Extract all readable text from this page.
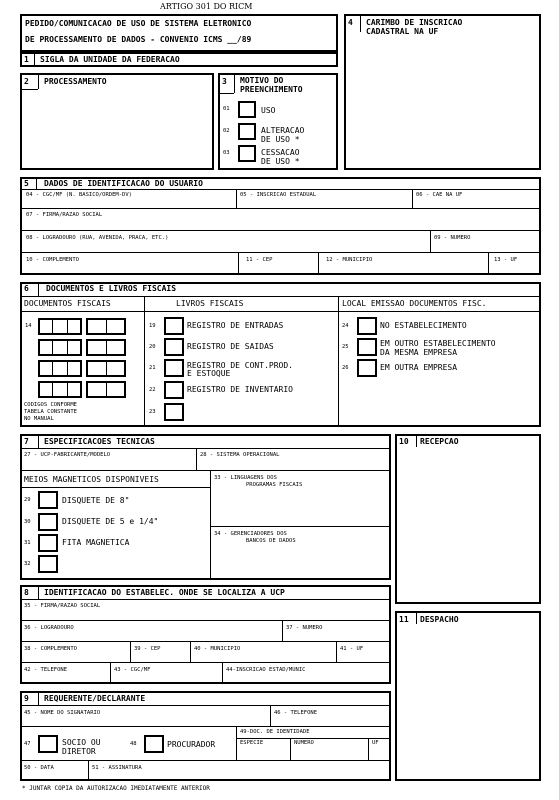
ARTIGO 301 DO RICM
PEDIDO/COMUNICACAO DE USO DE SISTEMA ELETRONICO
DE PROCESSAMENTO DE DADOS - CONVENIO ICMS __/89
1 SIGLA DA UNIDADE DA FEDERACAO
2 PROCESSAMENTO	3 MOTIVO DO
PREENCHIMENTO
01	USO
02	ALTERACAO
DE USO *
03	CESSACAO
DE USO *
4 CARIMBO DE INSCRICAO
CADASTRAL NA UF
5 DADOS DE IDENTIFICACAO DO USUARIO
04 - CGC/MF (N. BASICO/ORDEM-DV)	05 - INSCRICAO ESTADUAL	06 - CAE NA UF
07 - FIRMA/RAZAO SOCIAL
08 - LOGRADOURO (RUA, AVENIDA, PRACA, ETC.)	09 - NUMERO
10 - COMPLEMENTO	11 - CEP	12 - MUNICIPIO	13 - UF
6 DOCUMENTOS E LIVROS FISCAIS
DOCUMENTOS FISCAIS	LIVROS FISCAIS	LOCAL EMISSAO DOCUMENTOS FISC.
14
CODIGOS CONFORME
TABELA CONSTANTE
NO MANUAL
19	REGISTRO DE ENTRADAS
20	REGISTRO DE SAIDAS
21	REGISTRO DE CONT.PROD.
E ESTOQUE
22	REGISTRO DE INVENTARIO
23
24	NO ESTABELECIMENTO
25	EM OUTRO ESTABELECIMENTO
DA MESMA EMPRESA
26	EM OUTRA EMPRESA
7 ESPECIFICACOES TECNICAS
27 - UCP-FABRICANTE/MODELO	28 - SISTEMA OPERACIONAL
MEIOS MAGNETICOS DISPONIVEIS
29	DISQUETE DE 8"
30	DISQUETE DE 5 e 1/4"
31	FITA MAGNETICA
32
33 - LINGUAGENS DOS
PROGRAMAS FISCAIS
34 - GERENCIADORES DOS
BANCOS DE DADOS
8 IDENTIFICACAO DO ESTABELEC. ONDE SE LOCALIZA A UCP
35 - FIRMA/RAZAO SOCIAL
36 - LOGRADOURO	37 - NUMERO
38 - COMPLEMENTO	39 - CEP	40 - MUNICIPIO	41 - UF
42 - TELEFONE	43 - CGC/MF	44-INSCRICAO ESTAD/MUNIC
9 REQUERENTE/DECLARANTE
45 - NOME DO SIGNATARIO	46 - TELEFONE
47	SOCIO OU
DIRETOR
48	PROCURADOR
49-DOC. DE IDENTIDADE
ESPECIE	NUMERO	UF
50 - DATA	51 - ASSINATURA
10 RECEPCAO
11 DESPACHO
* JUNTAR COPIA DA AUTORIZACAO IMEDIATAMENTE ANTERIOR
